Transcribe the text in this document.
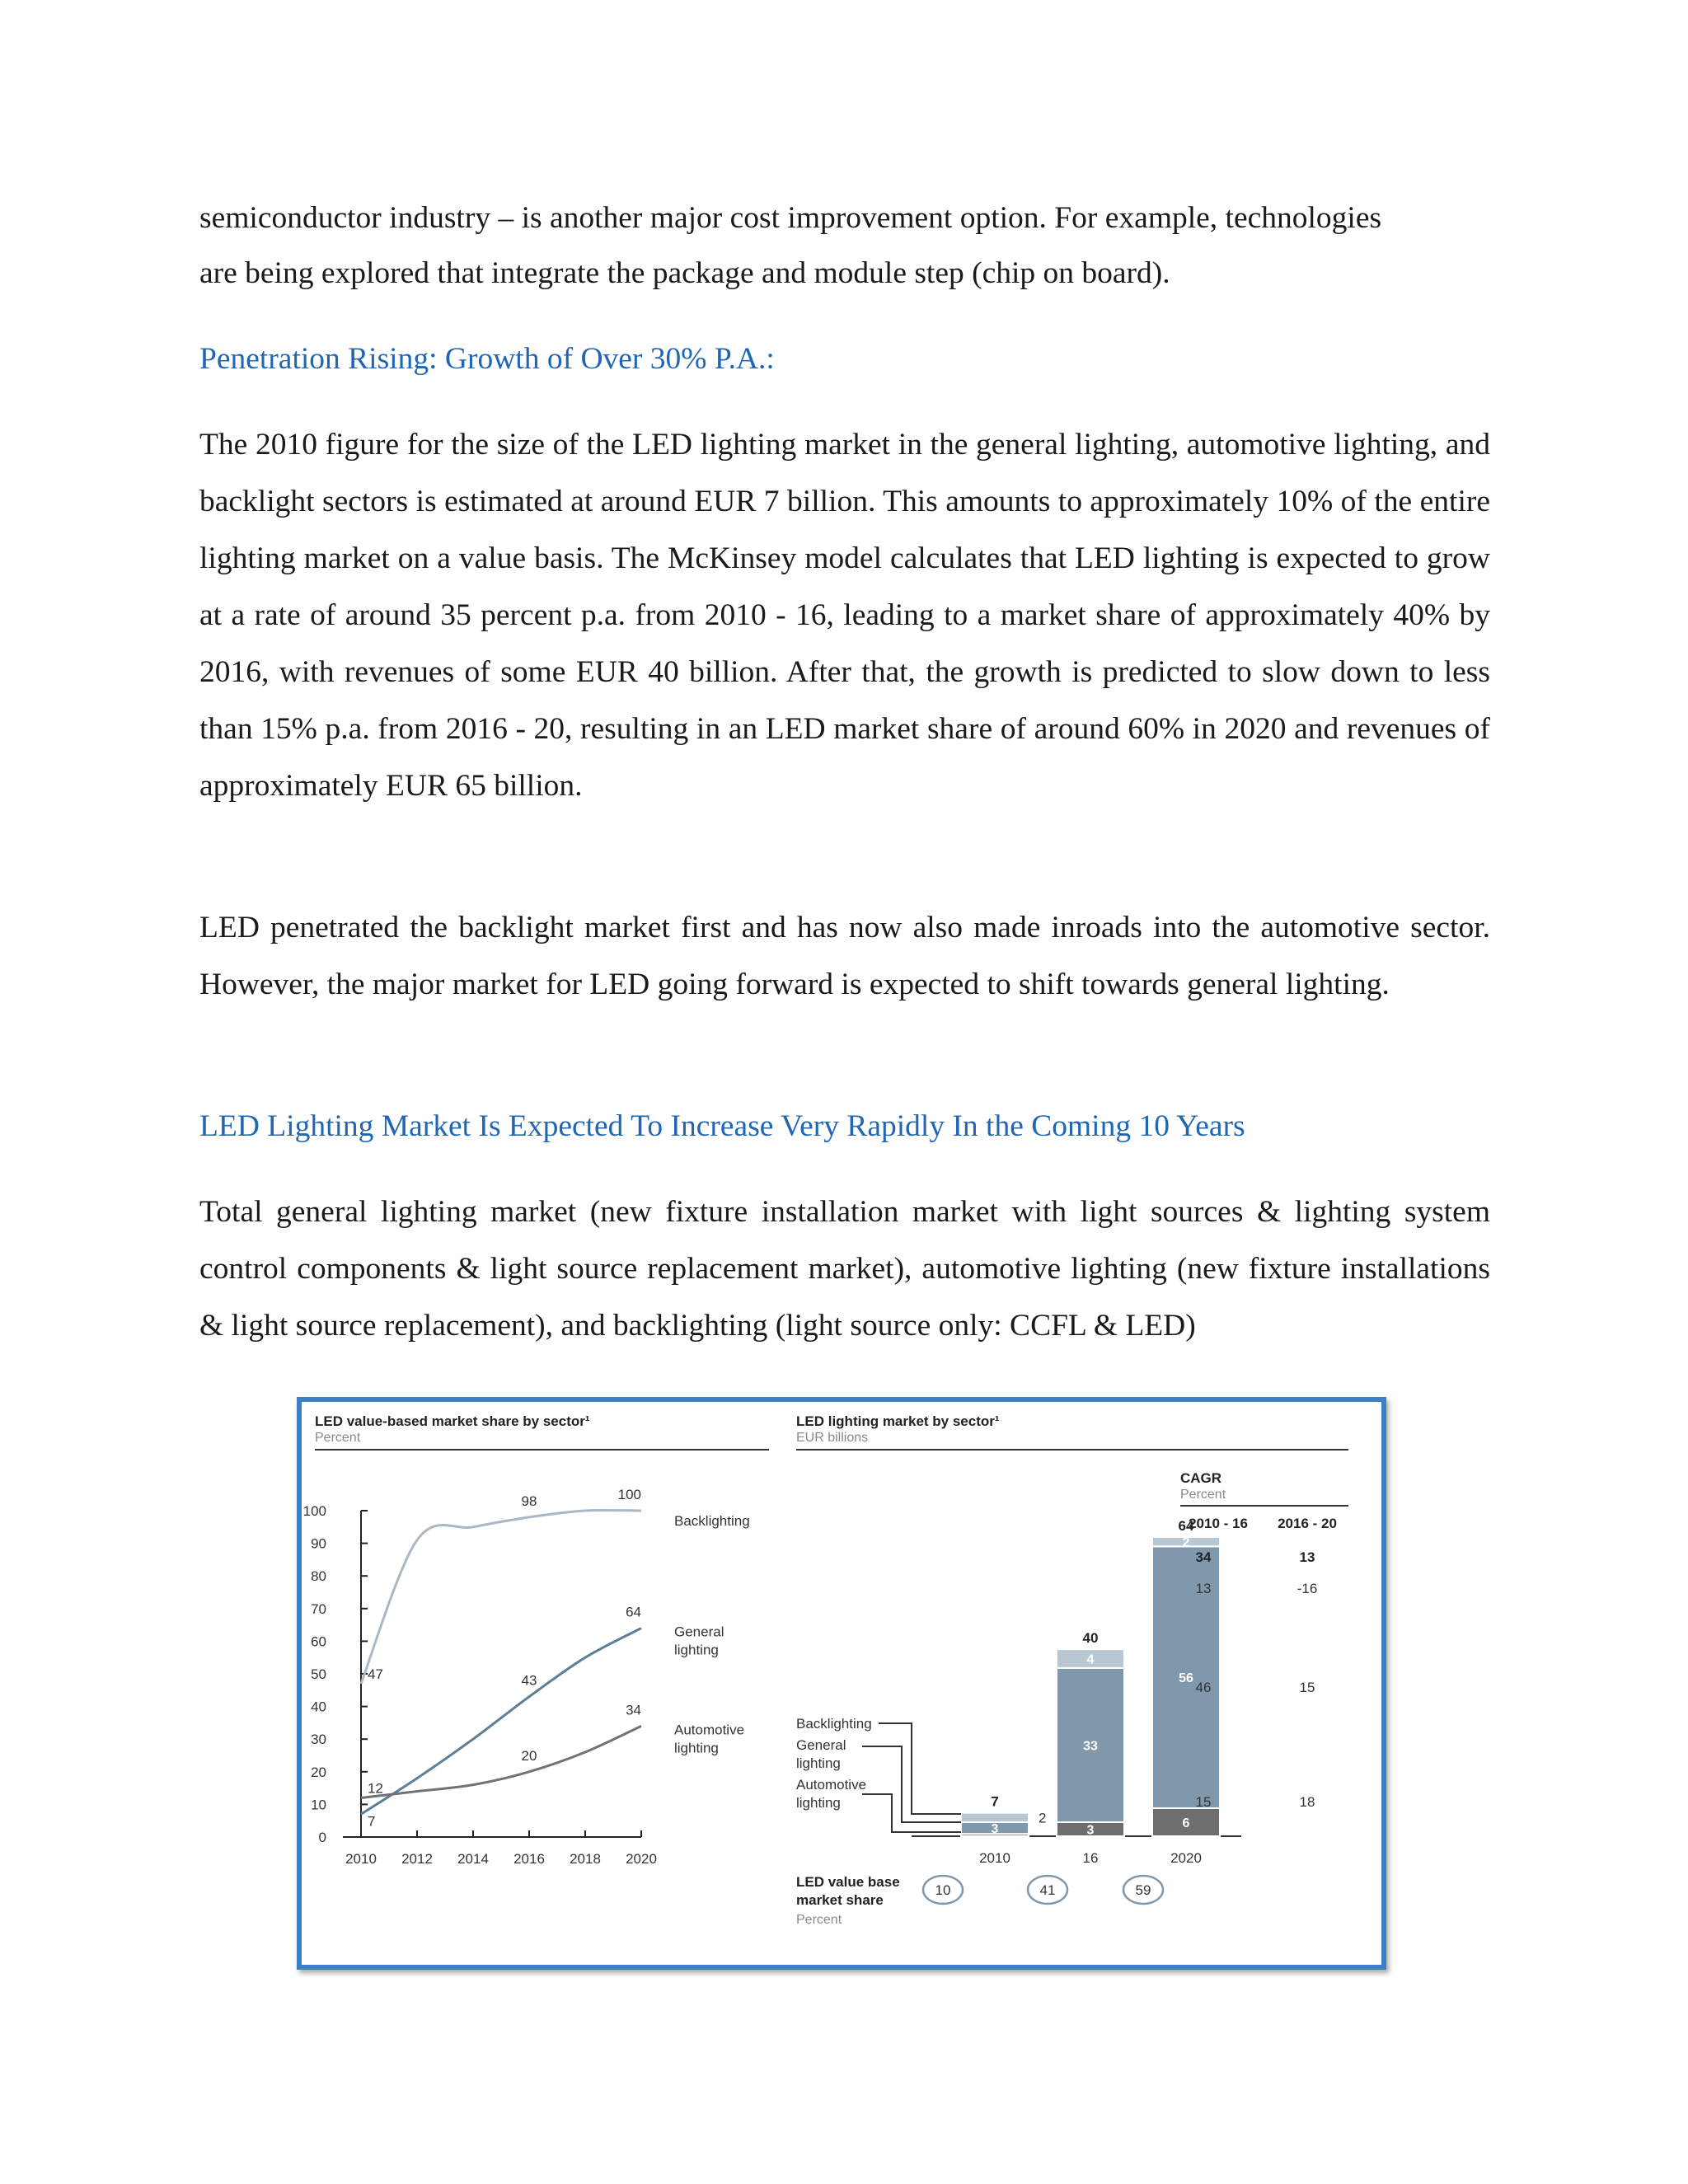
semiconductor industry – is another major cost improvement option. For example, technologies

are being explored that integrate the package and module step (chip on board).

Penetration Rising: Growth of Over 30% P.A.:

The 2010 figure for the size of the LED lighting market in the general lighting, automotive lighting, and backlight sectors is estimated at around EUR 7 billion. This amounts to approximately 10% of the entire lighting market on a value basis. The McKinsey model calculates that LED lighting is expected to grow at a rate of around 35 percent p.a. from 2010 - 16, leading to a market share of approximately 40% by 2016, with revenues of some EUR 40 billion. After that, the growth is predicted to slow down to less than 15% p.a. from 2016 - 20, resulting in an LED market share of around 60% in 2020 and revenues of approximately EUR 65 billion.

LED penetrated the backlight market first and has now also made inroads into the automotive sector. However, the major market for LED going forward is expected to shift towards general lighting.

LED Lighting Market Is Expected To Increase Very Rapidly In the Coming 10 Years

Total general lighting market (new fixture installation market with light sources & lighting system control components & light source replacement market), automotive lighting (new fixture installations & light source replacement), and backlighting (light source only: CCFL & LED)

LED value-based market share by sector¹
Percent
0
10
20
30
40
50
60
70
80
90
100
2010 2012 2014 2016 2018 2020
47
98	100
7
43
64
12
20
34
Backlighting
General
lighting
Automotive
lighting
LED lighting market by sector¹
EUR billions
3
2
7
2010
3
33
4
40
16
6
56
2
64
2020
Backlighting
General
lighting
Automotive
lighting
CAGR
Percent
2010 - 16 2016 - 20
34	13
13	-16
46	15
15	18
LED value base
market share
Percent
10	41	59
